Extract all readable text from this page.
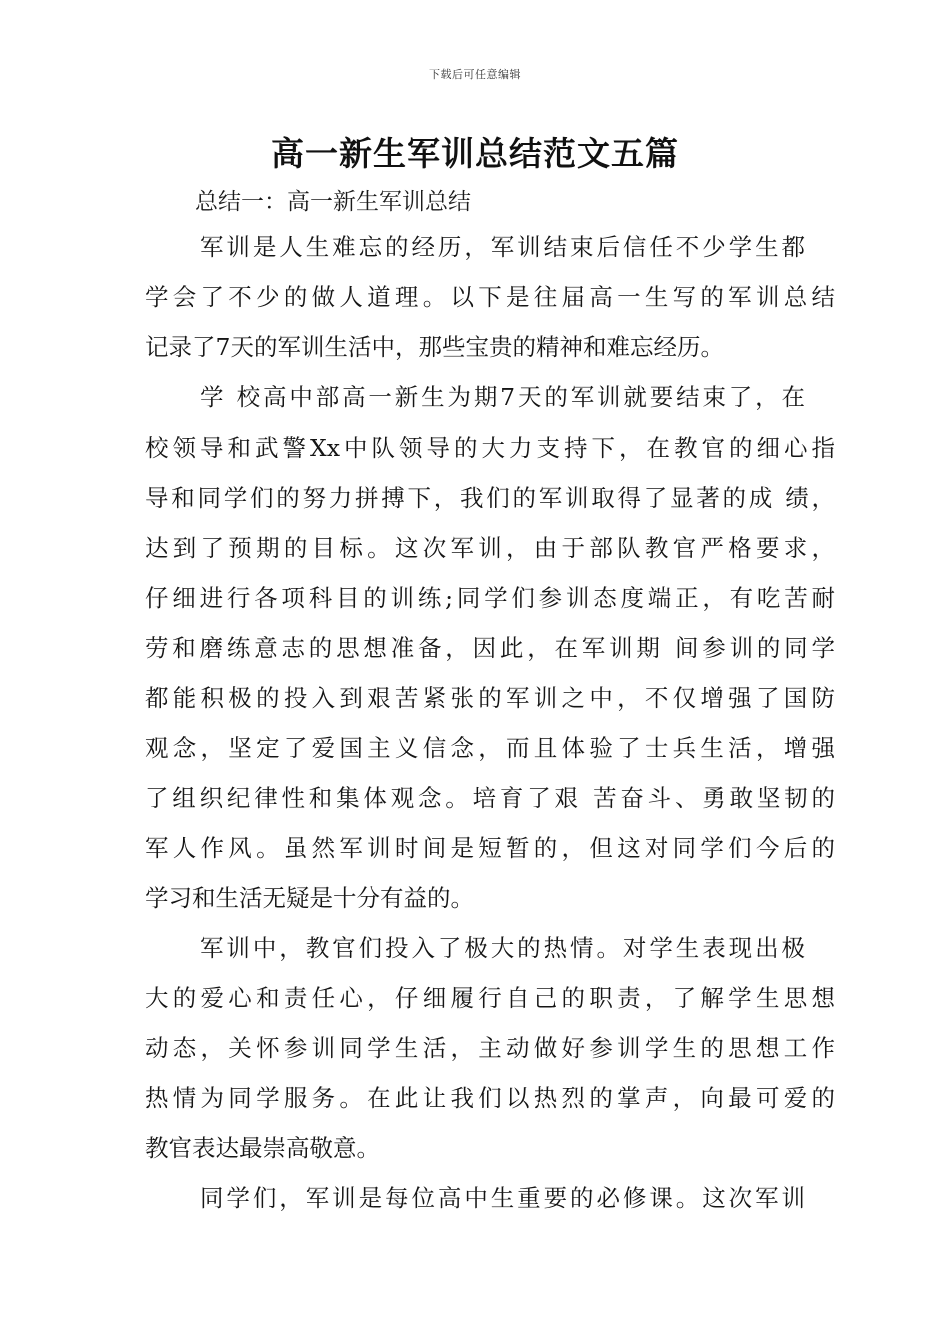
下载后可任意编辑
高一新生军训总结范文五篇
总结一：高一新生军训总结
军训是人生难忘的经历，军训结束后信任不少学生都
学会了不少的做人道理。以下是往届高一生写的军训总结
记录了7天的军训生活中，那些宝贵的精神和难忘经历。
学 校高中部高一新生为期7天的军训就要结束了，在
校领导和武警Xx中队领导的大力支持下，在教官的细心指
导和同学们的努力拼搏下，我们的军训取得了显著的成 绩，
达到了预期的目标。这次军训，由于部队教官严格要求，
仔细进行各项科目的训练;同学们参训态度端正，有吃苦耐
劳和磨练意志的思想准备，因此，在军训期 间参训的同学
都能积极的投入到艰苦紧张的军训之中，不仅增强了国防
观念，坚定了爱国主义信念，而且体验了士兵生活，增强
了组织纪律性和集体观念。培育了艰 苦奋斗、勇敢坚韧的
军人作风。虽然军训时间是短暂的，但这对同学们今后的
学习和生活无疑是十分有益的。
军训中，教官们投入了极大的热情。对学生表现出极
大的爱心和责任心，仔细履行自己的职责，了解学生思想
动态，关怀参训同学生活，主动做好参训学生的思想工作
热情为同学服务。在此让我们以热烈的掌声，向最可爱的
教官表达最崇高敬意。
同学们，军训是每位高中生重要的必修课。这次军训
